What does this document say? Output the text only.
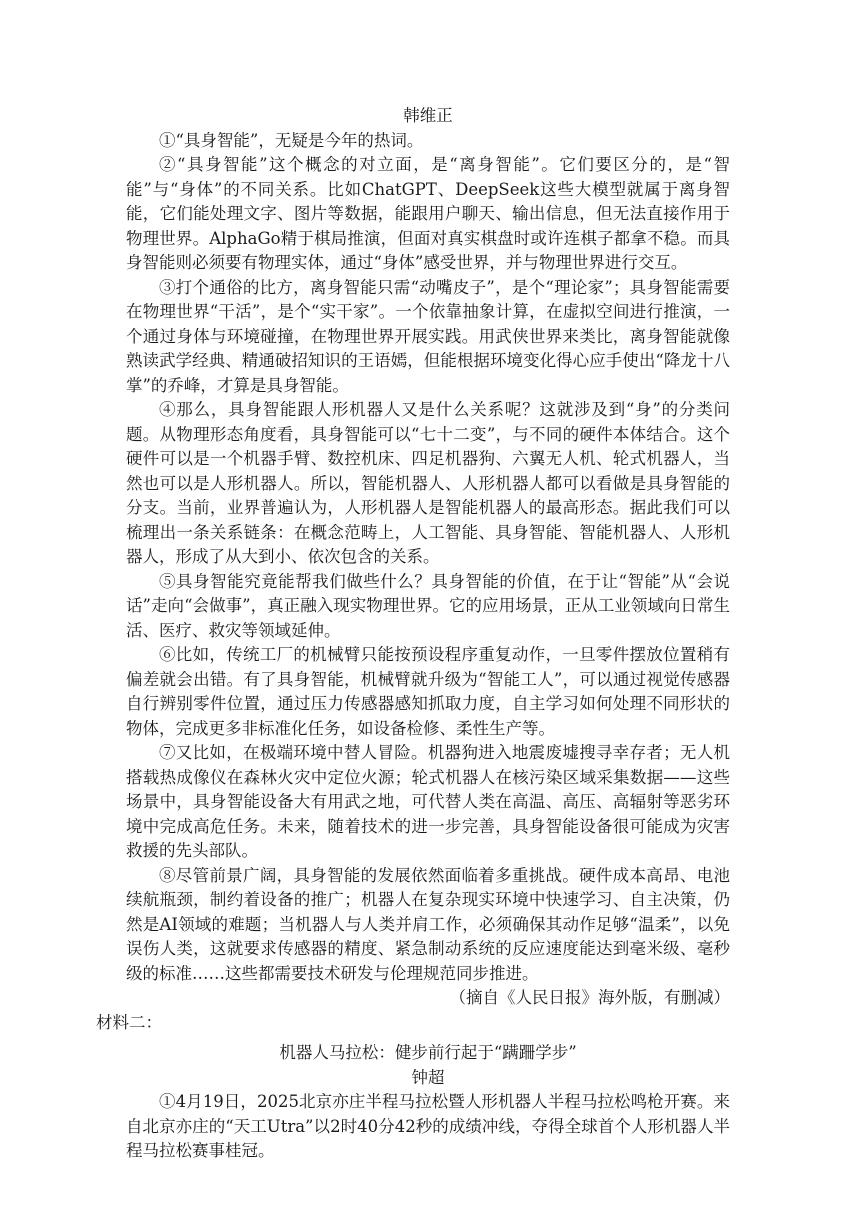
韩维正

①“具身智能”，无疑是今年的热词。

②“具身智能”这个概念的对立面，是“离身智能”。它们要区分的，是“智能”与“身体”的不同关系。比如ChatGPT、DeepSeek这些大模型就属于离身智能，它们能处理文字、图片等数据，能跟用户聊天、输出信息，但无法直接作用于物理世界。AlphaGo精于棋局推演，但面对真实棋盘时或许连棋子都拿不稳。而具身智能则必须要有物理实体，通过“身体”感受世界，并与物理世界进行交互。

③打个通俗的比方，离身智能只需“动嘴皮子”，是个“理论家”；具身智能需要在物理世界“干活”，是个“实干家”。一个依靠抽象计算，在虚拟空间进行推演，一个通过身体与环境碰撞，在物理世界开展实践。用武侠世界来类比，离身智能就像熟读武学经典、精通破招知识的王语嫣，但能根据环境变化得心应手使出“降龙十八掌”的乔峰，才算是具身智能。

④那么，具身智能跟人形机器人又是什么关系呢？这就涉及到“身”的分类问题。从物理形态角度看，具身智能可以“七十二变”，与不同的硬件本体结合。这个硬件可以是一个机器手臂、数控机床、四足机器狗、六翼无人机、轮式机器人，当然也可以是人形机器人。所以，智能机器人、人形机器人都可以看做是具身智能的分支。当前，业界普遍认为，人形机器人是智能机器人的最高形态。据此我们可以梳理出一条关系链条：在概念范畴上，人工智能、具身智能、智能机器人、人形机器人，形成了从大到小、依次包含的关系。

⑤具身智能究竟能帮我们做些什么？具身智能的价值，在于让“智能”从“会说话”走向“会做事”，真正融入现实物理世界。它的应用场景，正从工业领域向日常生活、医疗、救灾等领域延伸。

⑥比如，传统工厂的机械臂只能按预设程序重复动作，一旦零件摆放位置稍有偏差就会出错。有了具身智能，机械臂就升级为“智能工人”，可以通过视觉传感器自行辨别零件位置，通过压力传感器感知抓取力度，自主学习如何处理不同形状的物体，完成更多非标准化任务，如设备检修、柔性生产等。

⑦又比如，在极端环境中替人冒险。机器狗进入地震废墟搜寻幸存者；无人机搭载热成像仪在森林火灾中定位火源；轮式机器人在核污染区域采集数据——这些场景中，具身智能设备大有用武之地，可代替人类在高温、高压、高辐射等恶劣环境中完成高危任务。未来，随着技术的进一步完善，具身智能设备很可能成为灾害救援的先头部队。

⑧尽管前景广阔，具身智能的发展依然面临着多重挑战。硬件成本高昂、电池续航瓶颈，制约着设备的推广；机器人在复杂现实环境中快速学习、自主决策，仍然是AI领域的难题；当机器人与人类并肩工作，必须确保其动作足够“温柔”，以免误伤人类，这就要求传感器的精度、紧急制动系统的反应速度能达到毫米级、毫秒级的标准……这些都需要技术研发与伦理规范同步推进。

（摘自《人民日报》海外版，有删减）

材料二：

机器人马拉松：健步前行起于“蹒跚学步”

钟超

①4月19日，2025北京亦庄半程马拉松暨人形机器人半程马拉松鸣枪开赛。来自北京亦庄的“天工Utra”以2时40分42秒的成绩冲线，夺得全球首个人形机器人半程马拉松赛事桂冠。
